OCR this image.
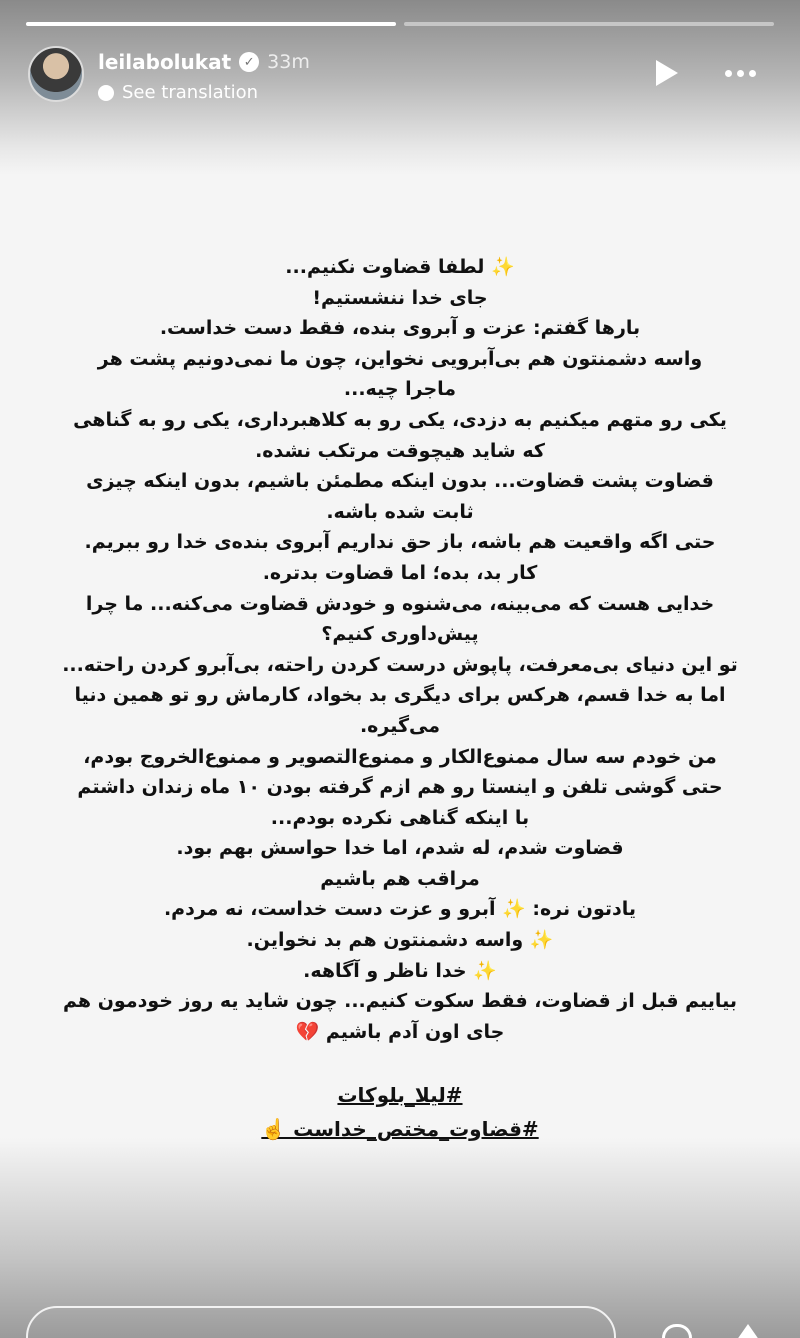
leilabolukat ✓ 33m
See translation
✨ لطفا قضاوت نکنیم...
جای خدا ننشستیم!
بارها گفتم: عزت و آبروی بنده، فقط دست خداست.
واسه دشمنتون هم بی‌آبرویی نخواین، چون ما نمی‌دونیم پشت هر
ماجرا چیه...
یکی رو متهم میکنیم به دزدی، یکی رو به کلاهبرداری، یکی رو به گناهی
که شاید هیچوقت مرتکب نشده.
قضاوت پشت قضاوت... بدون اینکه مطمئن باشیم، بدون اینکه چیزی
ثابت شده باشه.
حتی اگه واقعیت هم باشه، باز حق نداریم آبروی بنده‌ی خدا رو ببریم.
کار بد، بده؛ اما قضاوت بدتره.
خدایی هست که می‌بینه، می‌شنوه و خودش قضاوت می‌کنه... ما چرا
پیش‌داوری کنیم؟
تو این دنیای بی‌معرفت، پاپوش درست کردن راحته، بی‌آبرو کردن راحته...
اما به خدا قسم، هرکس برای دیگری بد بخواد، کارماش رو تو همین دنیا
می‌گیره.
من خودم سه سال ممنوع‌الکار و ممنوع‌التصویر و ممنوع‌الخروج بودم،
حتی گوشی تلفن و اینستا رو هم ازم گرفته بودن ۱۰ ماه زندان داشتم
با اینکه گناهی نکرده بودم...
قضاوت شدم، له شدم، اما خدا حواسش بهم بود.
مراقب هم باشیم
یادتون نره: ✨ آبرو و عزت دست خداست، نه مردم.
✨ واسه دشمنتون هم بد نخواین.
✨ خدا ناظر و آگاهه.
بیاییم قبل از قضاوت، فقط سکوت کنیم... چون شاید یه روز خودمون هم
جای اون آدم باشیم 💔
#لیلا_بلوکات
#قضاوت_مختص_خداست ☝️
